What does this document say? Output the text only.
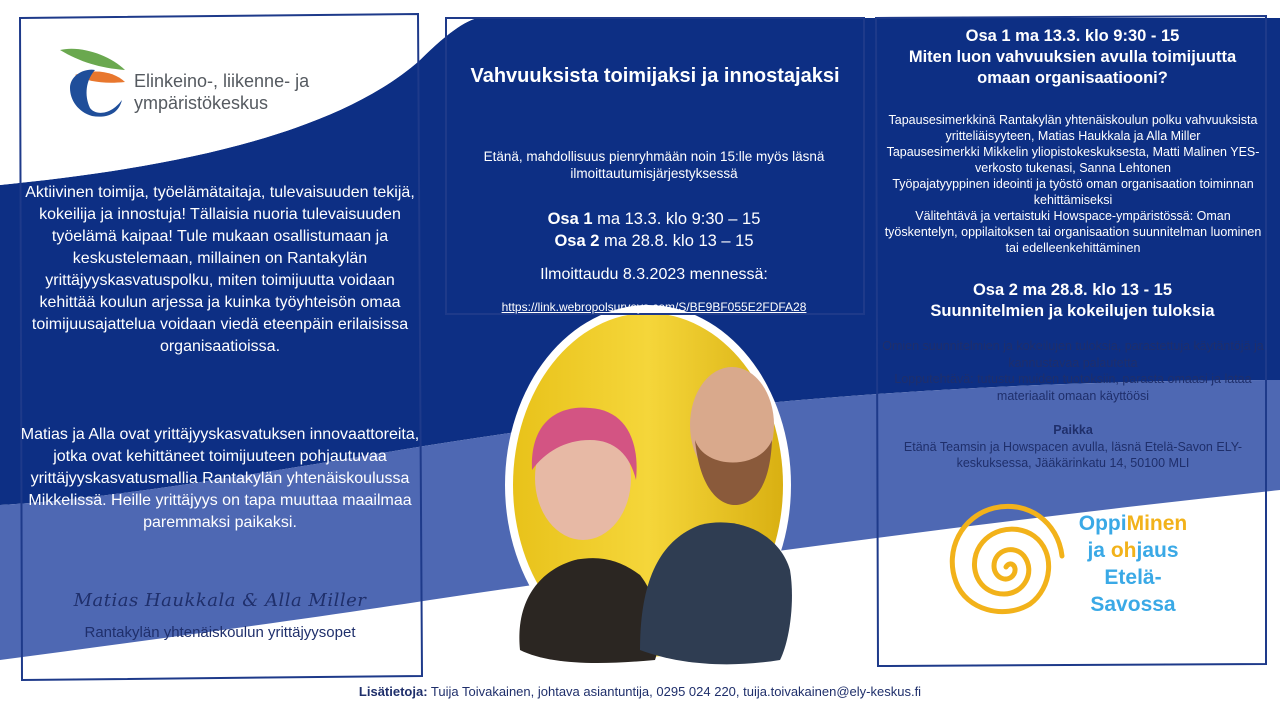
Elinkeino-, liikenne- ja
ympäristökeskus
Aktiivinen toimija, työelämätaitaja, tulevaisuuden tekijä, kokeilija ja innostuja! Tällaisia nuoria tulevaisuuden työelämä kaipaa! Tule mukaan osallistumaan ja keskustelemaan, millainen on Rantakylän yrittäjyyskasvatuspolku, miten toimijuutta voidaan kehittää koulun arjessa ja kuinka työyhteisön omaa toimijuusajattelua voidaan viedä eteenpäin erilaisissa organisaatioissa.
Matias ja Alla ovat yrittäjyyskasvatuksen innovaattoreita, jotka ovat kehittäneet toimijuuteen pohjautuvaa yrittäjyyskasvatusmallia Rantakylän yhtenäiskoulussa Mikkelissä. Heille yrittäjyys on tapa muuttaa maailmaa paremmaksi paikaksi.
Matias Haukkala & Alla Miller
Rantakylän yhtenäiskoulun yrittäjyysopet
Vahvuuksista toimijaksi ja innostajaksi
Etänä, mahdollisuus pienryhmään noin 15:lle myös läsnä ilmoittautumisjärjestyksessä
Osa 1 ma 13.3. klo 9:30 – 15
Osa 2 ma 28.8. klo 13 – 15
Ilmoittaudu 8.3.2023 mennessä:
https://link.webropolsurveys.com/S/BE9BF055E2FDFA28
Osa 1 ma 13.3. klo 9:30 - 15
Miten luon vahvuuksien avulla toimijuutta omaan organisaatiooni?
Tapausesimerkkinä Rantakylän yhtenäiskoulun polku vahvuuksista yritteliäisyyteen, Matias Haukkala ja Alla Miller
Tapausesimerkki Mikkelin yliopistokeskuksesta, Matti Malinen YES-verkosto tukenasi, Sanna Lehtonen
Työpajatyyppinen ideointi ja työstö oman organisaation toiminnan kehittämiseksi
Välitehtävä ja vertaistuki Howspace-ympäristössä: Oman työskentelyn, oppilaitoksen tai organisaation suunnitelman luominen tai edelleenkehittäminen
Osa 2 ma 28.8. klo 13 - 15
Suunnitelmien ja kokeilujen tuloksia
Omien suunnitelmien ja kokeilujen tuloksia, parastettuja käytäntöjä ja kannustavaa palautetta
Lopputehtävä: tutustu muiden tuotoksiin, parasta omaasi ja lataa materiaalit omaan käyttöösi
Paikka
Etänä Teamsin ja Howspacen avulla, läsnä Etelä-Savon ELY-keskuksessa, Jääkärinkatu 14, 50100 MLI
OppiMinen
ja ohjaus
Etelä-
Savossa
Lisätietoja: Tuija Toivakainen, johtava asiantuntija, 0295 024 220, tuija.toivakainen@ely-keskus.fi
